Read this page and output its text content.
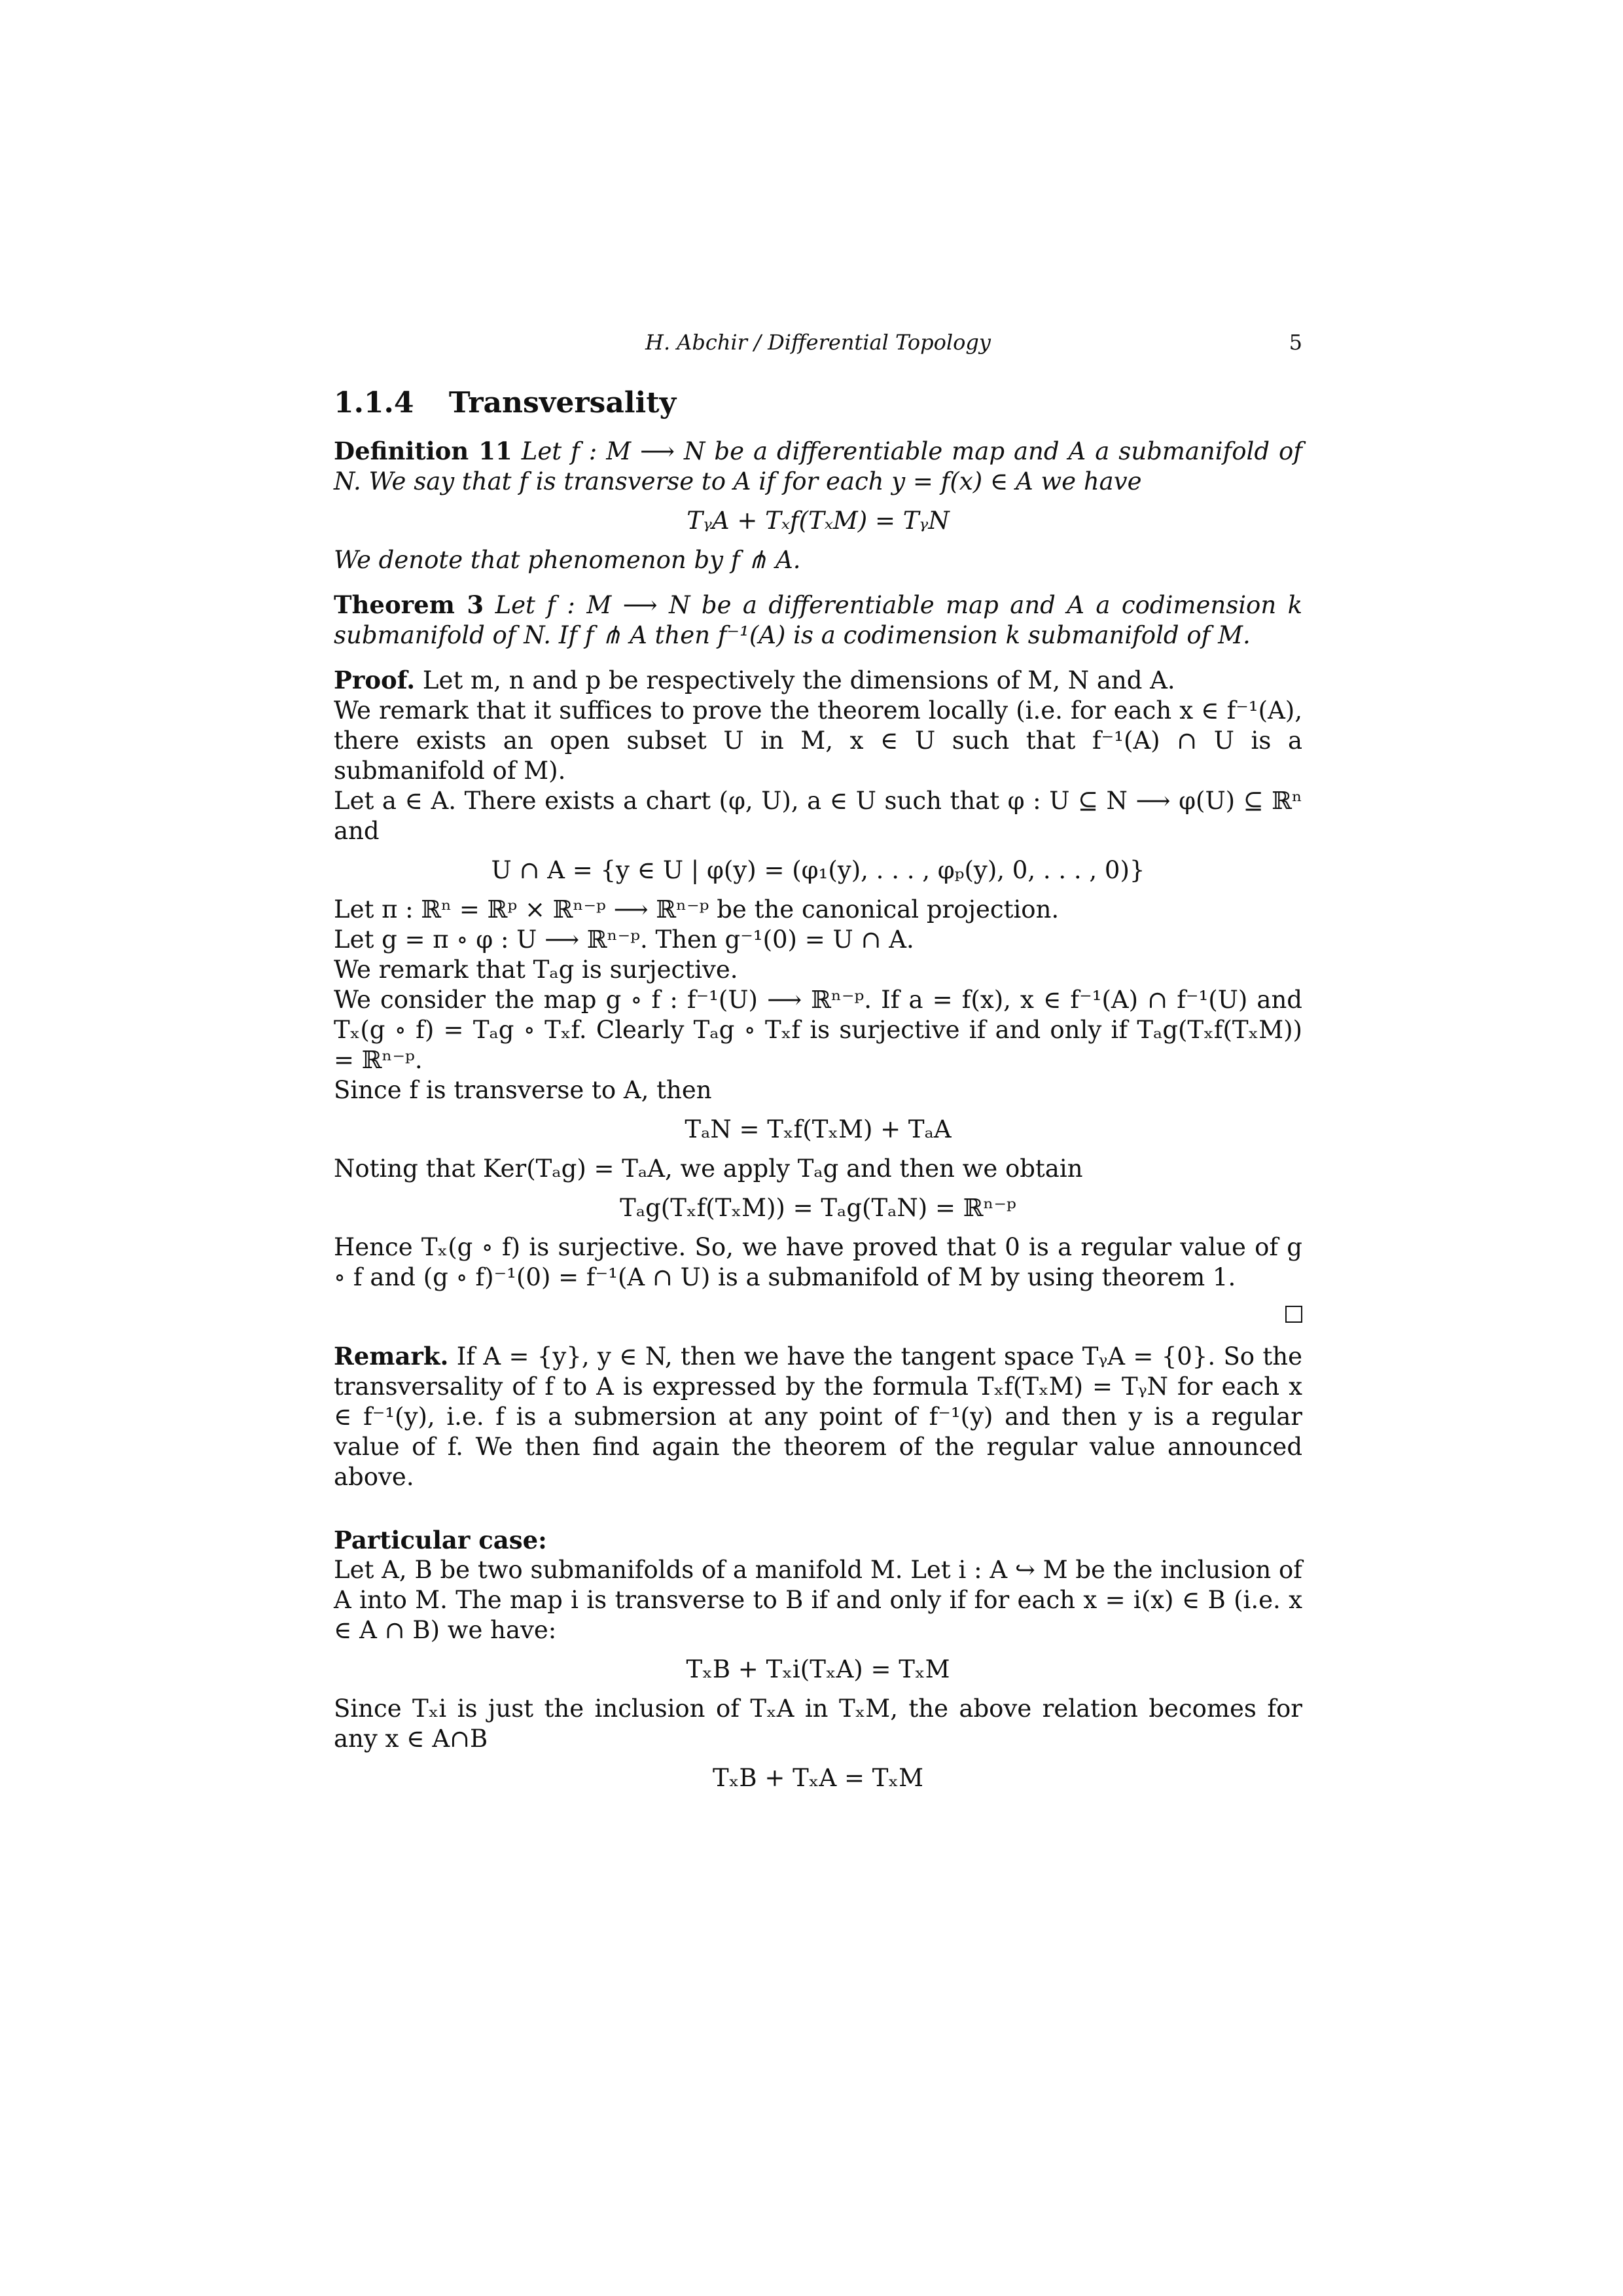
H. Abchir / Differential Topology	5
1.1.4 Transversality

Definition 11 Let f : M ⟶ N be a differentiable map and A a submanifold of N. We say that f is transverse to A if for each y = f(x) ∈ A we have

TᵧA + Tₓf(TₓM) = TᵧN

We denote that phenomenon by f ⋔ A.

Theorem 3 Let f : M ⟶ N be a differentiable map and A a codimension k submanifold of N. If f ⋔ A then f⁻¹(A) is a codimension k submanifold of M.

Proof. Let m, n and p be respectively the dimensions of M, N and A.

We remark that it suffices to prove the theorem locally (i.e. for each x ∈ f⁻¹(A), there exists an open subset U in M, x ∈ U such that f⁻¹(A) ∩ U is a submanifold of M).

Let a ∈ A. There exists a chart (φ, U), a ∈ U such that φ : U ⊆ N ⟶ φ(U) ⊆ ℝⁿ and

U ∩ A = {y ∈ U | φ(y) = (φ₁(y), . . . , φₚ(y), 0, . . . , 0)}

Let π : ℝⁿ = ℝᵖ × ℝⁿ⁻ᵖ ⟶ ℝⁿ⁻ᵖ be the canonical projection.

Let g = π ∘ φ : U ⟶ ℝⁿ⁻ᵖ. Then g⁻¹(0) = U ∩ A.

We remark that Tₐg is surjective.

We consider the map g ∘ f : f⁻¹(U) ⟶ ℝⁿ⁻ᵖ. If a = f(x), x ∈ f⁻¹(A) ∩ f⁻¹(U) and Tₓ(g ∘ f) = Tₐg ∘ Tₓf. Clearly Tₐg ∘ Tₓf is surjective if and only if Tₐg(Tₓf(TₓM)) = ℝⁿ⁻ᵖ.

Since f is transverse to A, then

TₐN = Tₓf(TₓM) + TₐA

Noting that Ker(Tₐg) = TₐA, we apply Tₐg and then we obtain

Tₐg(Tₓf(TₓM)) = Tₐg(TₐN) = ℝⁿ⁻ᵖ

Hence Tₓ(g ∘ f) is surjective. So, we have proved that 0 is a regular value of g ∘ f and (g ∘ f)⁻¹(0) = f⁻¹(A ∩ U) is a submanifold of M by using theorem 1.

Remark. If A = {y}, y ∈ N, then we have the tangent space TᵧA = {0}. So the transversality of f to A is expressed by the formula Tₓf(TₓM) = TᵧN for each x ∈ f⁻¹(y), i.e. f is a submersion at any point of f⁻¹(y) and then y is a regular value of f. We then find again the theorem of the regular value announced above.

Particular case:

Let A, B be two submanifolds of a manifold M. Let i : A ↪ M be the inclusion of A into M. The map i is transverse to B if and only if for each x = i(x) ∈ B (i.e. x ∈ A ∩ B) we have:

TₓB + Tₓi(TₓA) = TₓM

Since Tₓi is just the inclusion of TₓA in TₓM, the above relation becomes for any x ∈ A∩B

TₓB + TₓA = TₓM
